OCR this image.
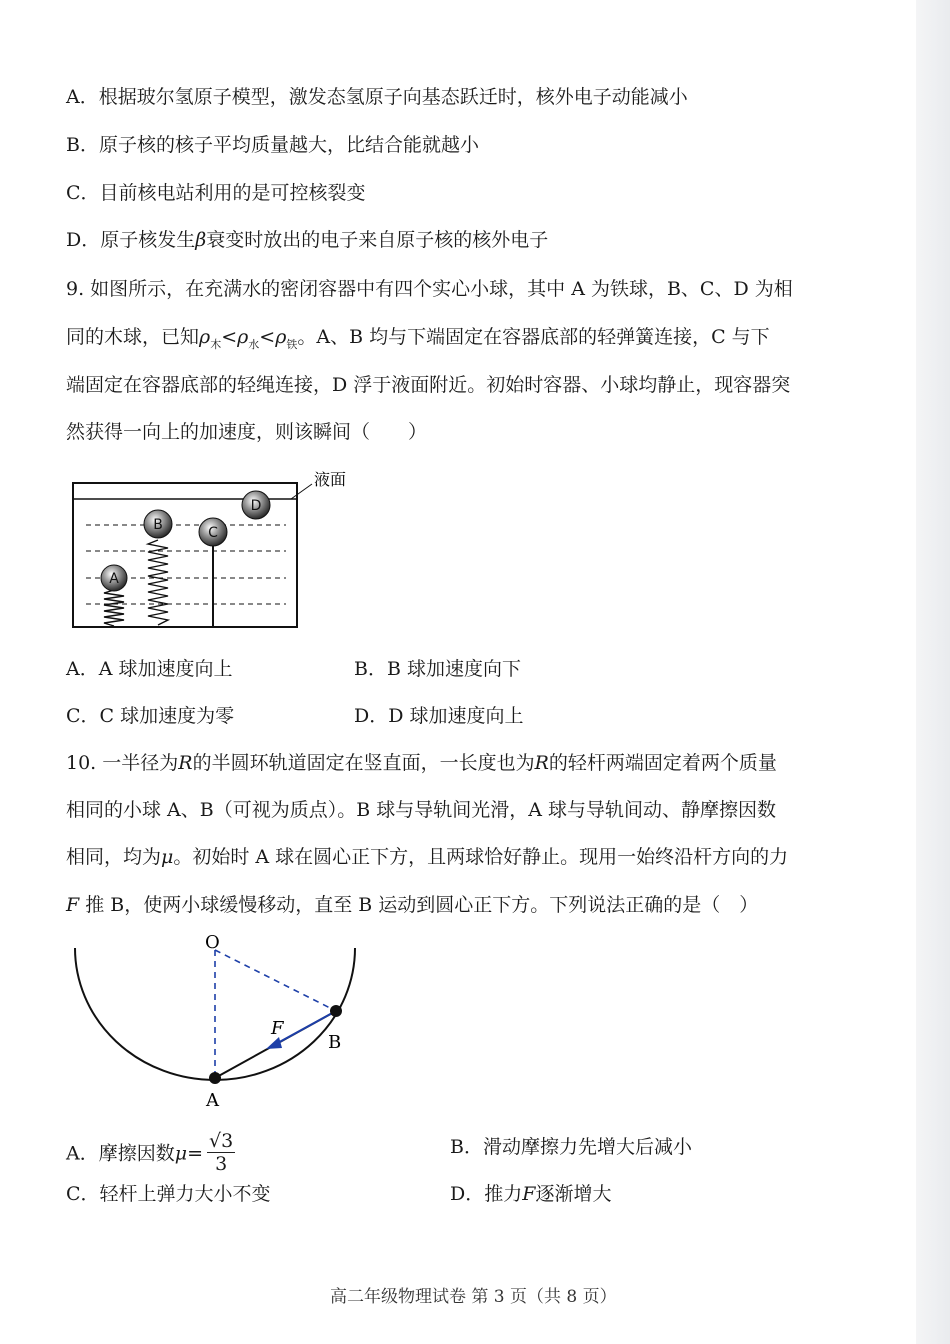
A．根据玻尔氢原子模型，激发态氢原子向基态跃迁时，核外电子动能减小
B．原子核的核子平均质量越大，比结合能就越小
C．目前核电站利用的是可控核裂变
D．原子核发生β衰变时放出的电子来自原子核的核外电子
9. 如图所示，在充满水的密闭容器中有四个实心小球，其中 A 为铁球，B、C、D 为相
同的木球，已知$\rho_木<\rho_水<\rho_铁$。A、B 均与下端固定在容器底部的轻弹簧连接，C 与下
端固定在容器底部的轻绳连接，D 浮于液面附近。初始时容器、小球均静止，现容器突
然获得一向上的加速度，则该瞬间（　　）
液面
A
B	C
D
A．A 球加速度向上	B．B 球加速度向下
C．C 球加速度为零	D．D 球加速度向上
10. 一半径为R的半圆环轨道固定在竖直面，一长度也为R的轻杆两端固定着两个质量
相同的小球 A、B（可视为质点）。B 球与导轨间光滑，A 球与导轨间动、静摩擦因数
相同，均为μ。初始时 A 球在圆心正下方，且两球恰好静止。现用一始终沿杆方向的力
F 推 B，使两小球缓慢移动，直至 B 运动到圆心正下方。下列说法正确的是（　）
O
A
B
F
A．摩擦因数$\mu= \frac{√3}{3}$	B．滑动摩擦力先增大后减小
C．轻杆上弹力大小不变	D．推力F逐渐增大
高二年级物理试卷 第 3 页（共 8 页）
